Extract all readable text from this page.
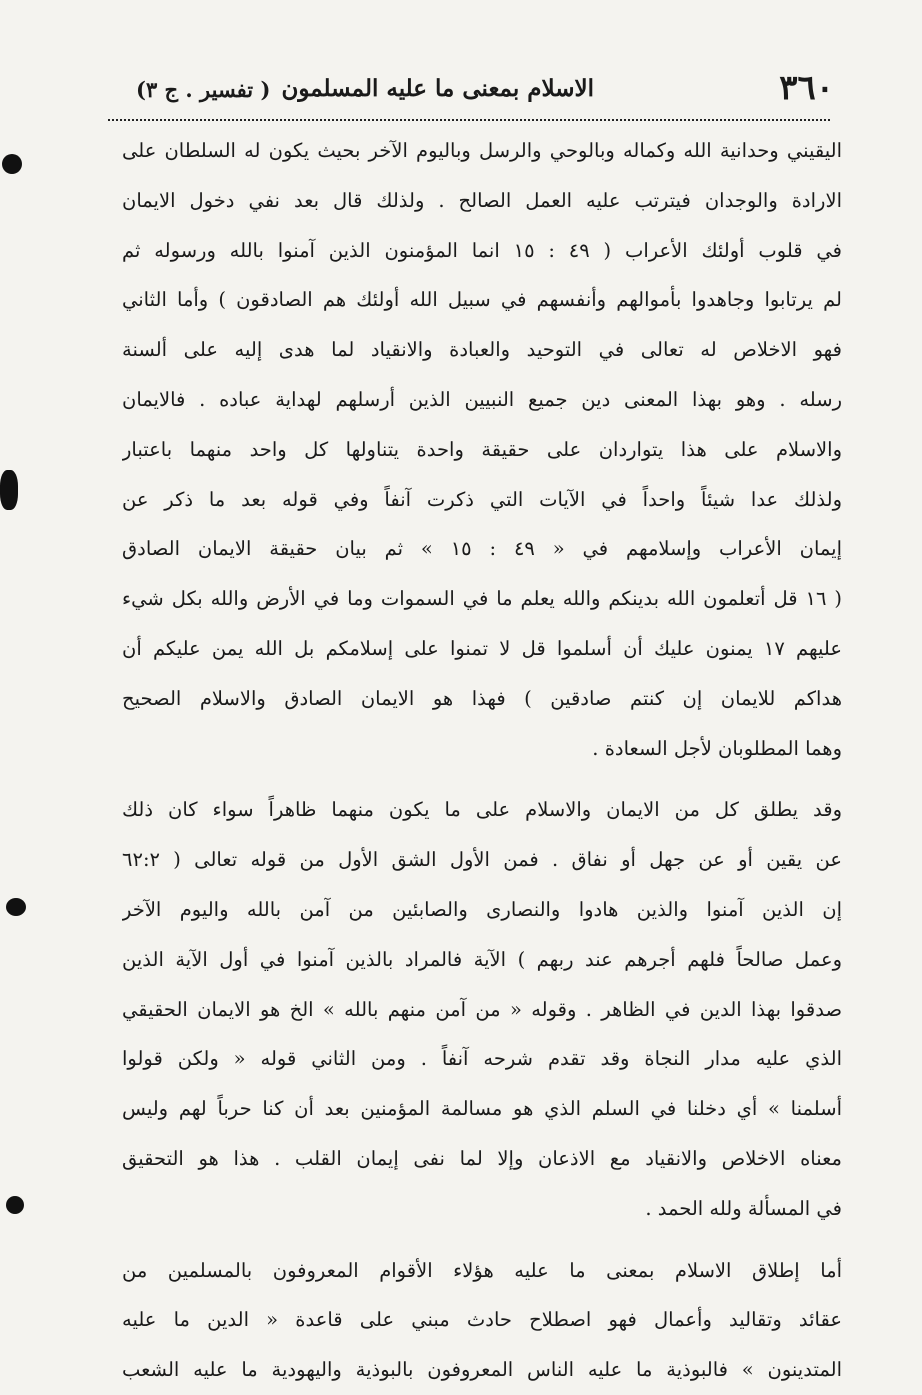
٣٦٠
الاسلام بمعنى ما عليه المسلمون
( تفسير . ج ٣)
اليقيني وحدانية الله وكماله وبالوحي والرسل وباليوم الآخر بحيث يكون له السلطان على
الارادة والوجدان فيترتب عليه العمل الصالح . ولذلك قال بعد نفي دخول الايمان
في قلوب أولئك الأعراب ( ٤٩ : ١٥ انما المؤمنون الذين آمنوا بالله ورسوله ثم
لم يرتابوا وجاهدوا بأموالهم وأنفسهم في سبيل الله أولئك هم الصادقون ) وأما الثاني
فهو الاخلاص له تعالى في التوحيد والعبادة والانقياد لما هدى إليه على ألسنة
رسله . وهو بهذا المعنى دين جميع النبيين الذين أرسلهم لهداية عباده . فالايمان
والاسلام على هذا يتواردان على حقيقة واحدة يتناولها كل واحد منهما باعتبار
ولذلك عدا شيئاً واحداً في الآيات التي ذكرت آنفاً وفي قوله بعد ما ذكر عن
إيمان الأعراب وإسلامهم في « ٤٩ : ١٥ » ثم بيان حقيقة الايمان الصادق
( ١٦ قل أتعلمون الله بدينكم والله يعلم ما في السموات وما في الأرض والله بكل شيء
عليهم ١٧ يمنون عليك أن أسلموا قل لا تمنوا على إسلامكم بل الله يمن عليكم أن
هداكم للايمان إن كنتم صادقين ) فهذا هو الايمان الصادق والاسلام الصحيح
وهما المطلوبان لأجل السعادة .
وقد يطلق كل من الايمان والاسلام على ما يكون منهما ظاهراً سواء كان ذلك
عن يقين أو عن جهل أو نفاق . فمن الأول الشق الأول من قوله تعالى ( ٦٢:٢
إن الذين آمنوا والذين هادوا والنصارى والصابئين من آمن بالله واليوم الآخر
وعمل صالحاً فلهم أجرهم عند ربهم ) الآية فالمراد بالذين آمنوا في أول الآية الذين
صدقوا بهذا الدين في الظاهر . وقوله « من آمن منهم بالله » الخ هو الايمان الحقيقي
الذي عليه مدار النجاة وقد تقدم شرحه آنفاً . ومن الثاني قوله « ولكن قولوا
أسلمنا » أي دخلنا في السلم الذي هو مسالمة المؤمنين بعد أن كنا حرباً لهم وليس
معناه الاخلاص والانقياد مع الاذعان وإلا لما نفى إيمان القلب . هذا هو التحقيق
في المسألة ولله الحمد .
أما إطلاق الاسلام بمعنى ما عليه هؤلاء الأقوام المعروفون بالمسلمين من
عقائد وتقاليد وأعمال فهو اصطلاح حادث مبني على قاعدة « الدين ما عليه
المتدينون » فالبوذية ما عليه الناس المعروفون بالبوذية واليهودية ما عليه الشعب
